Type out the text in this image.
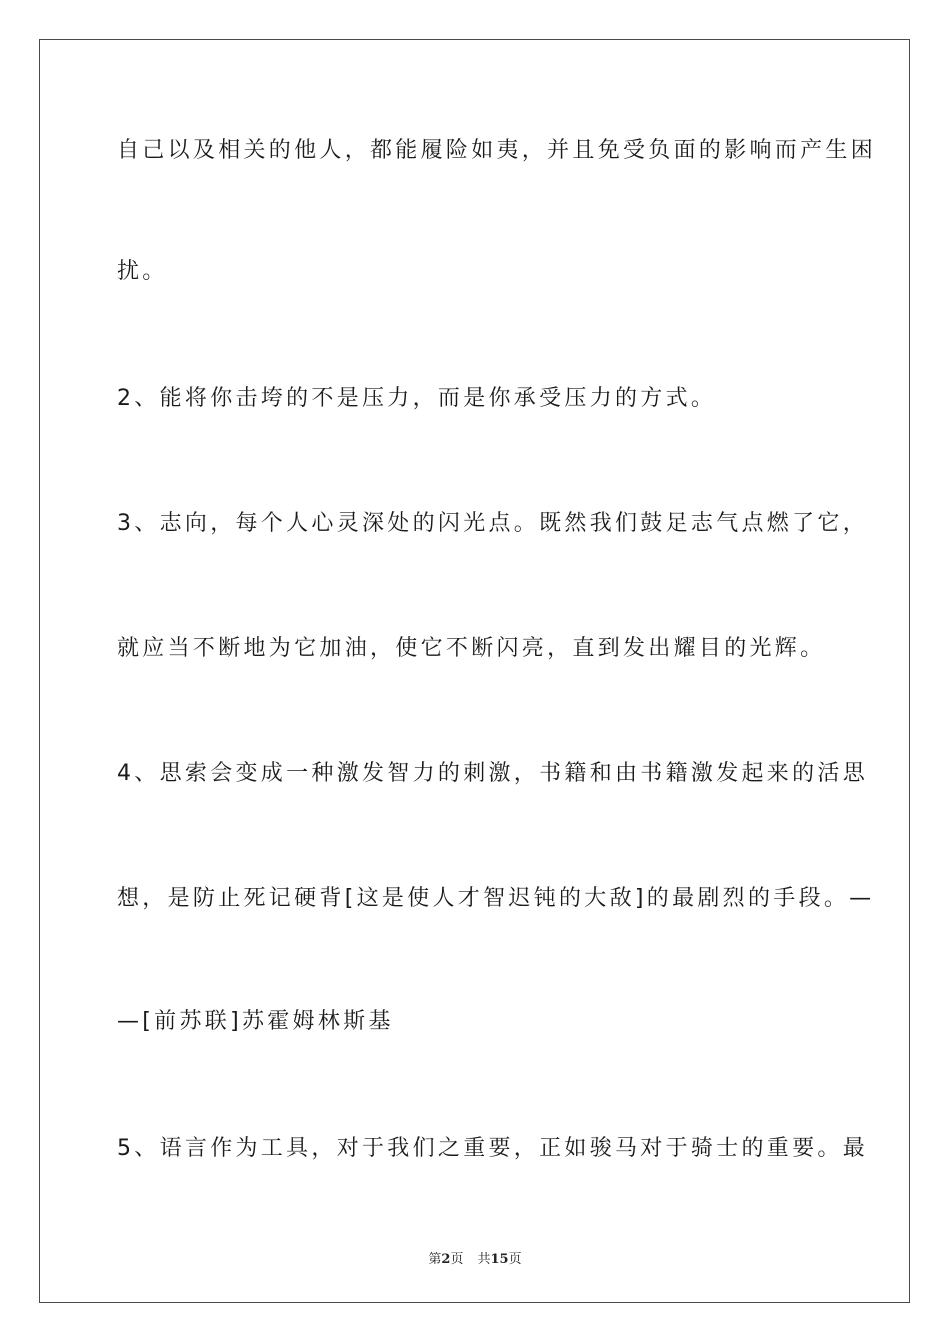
自己以及相关的他人，都能履险如夷，并且免受负面的影响而产生困
扰。
2、能将你击垮的不是压力，而是你承受压力的方式。
3、志向，每个人心灵深处的闪光点。既然我们鼓足志气点燃了它，
就应当不断地为它加油，使它不断闪亮，直到发出耀目的光辉。
4、思索会变成一种激发智力的刺激，书籍和由书籍激发起来的活思
想，是防止死记硬背[这是使人才智迟钝的大敌]的最剧烈的手段。—
—[前苏联]苏霍姆林斯基
5、语言作为工具，对于我们之重要，正如骏马对于骑士的重要。最
第2页 共15页
